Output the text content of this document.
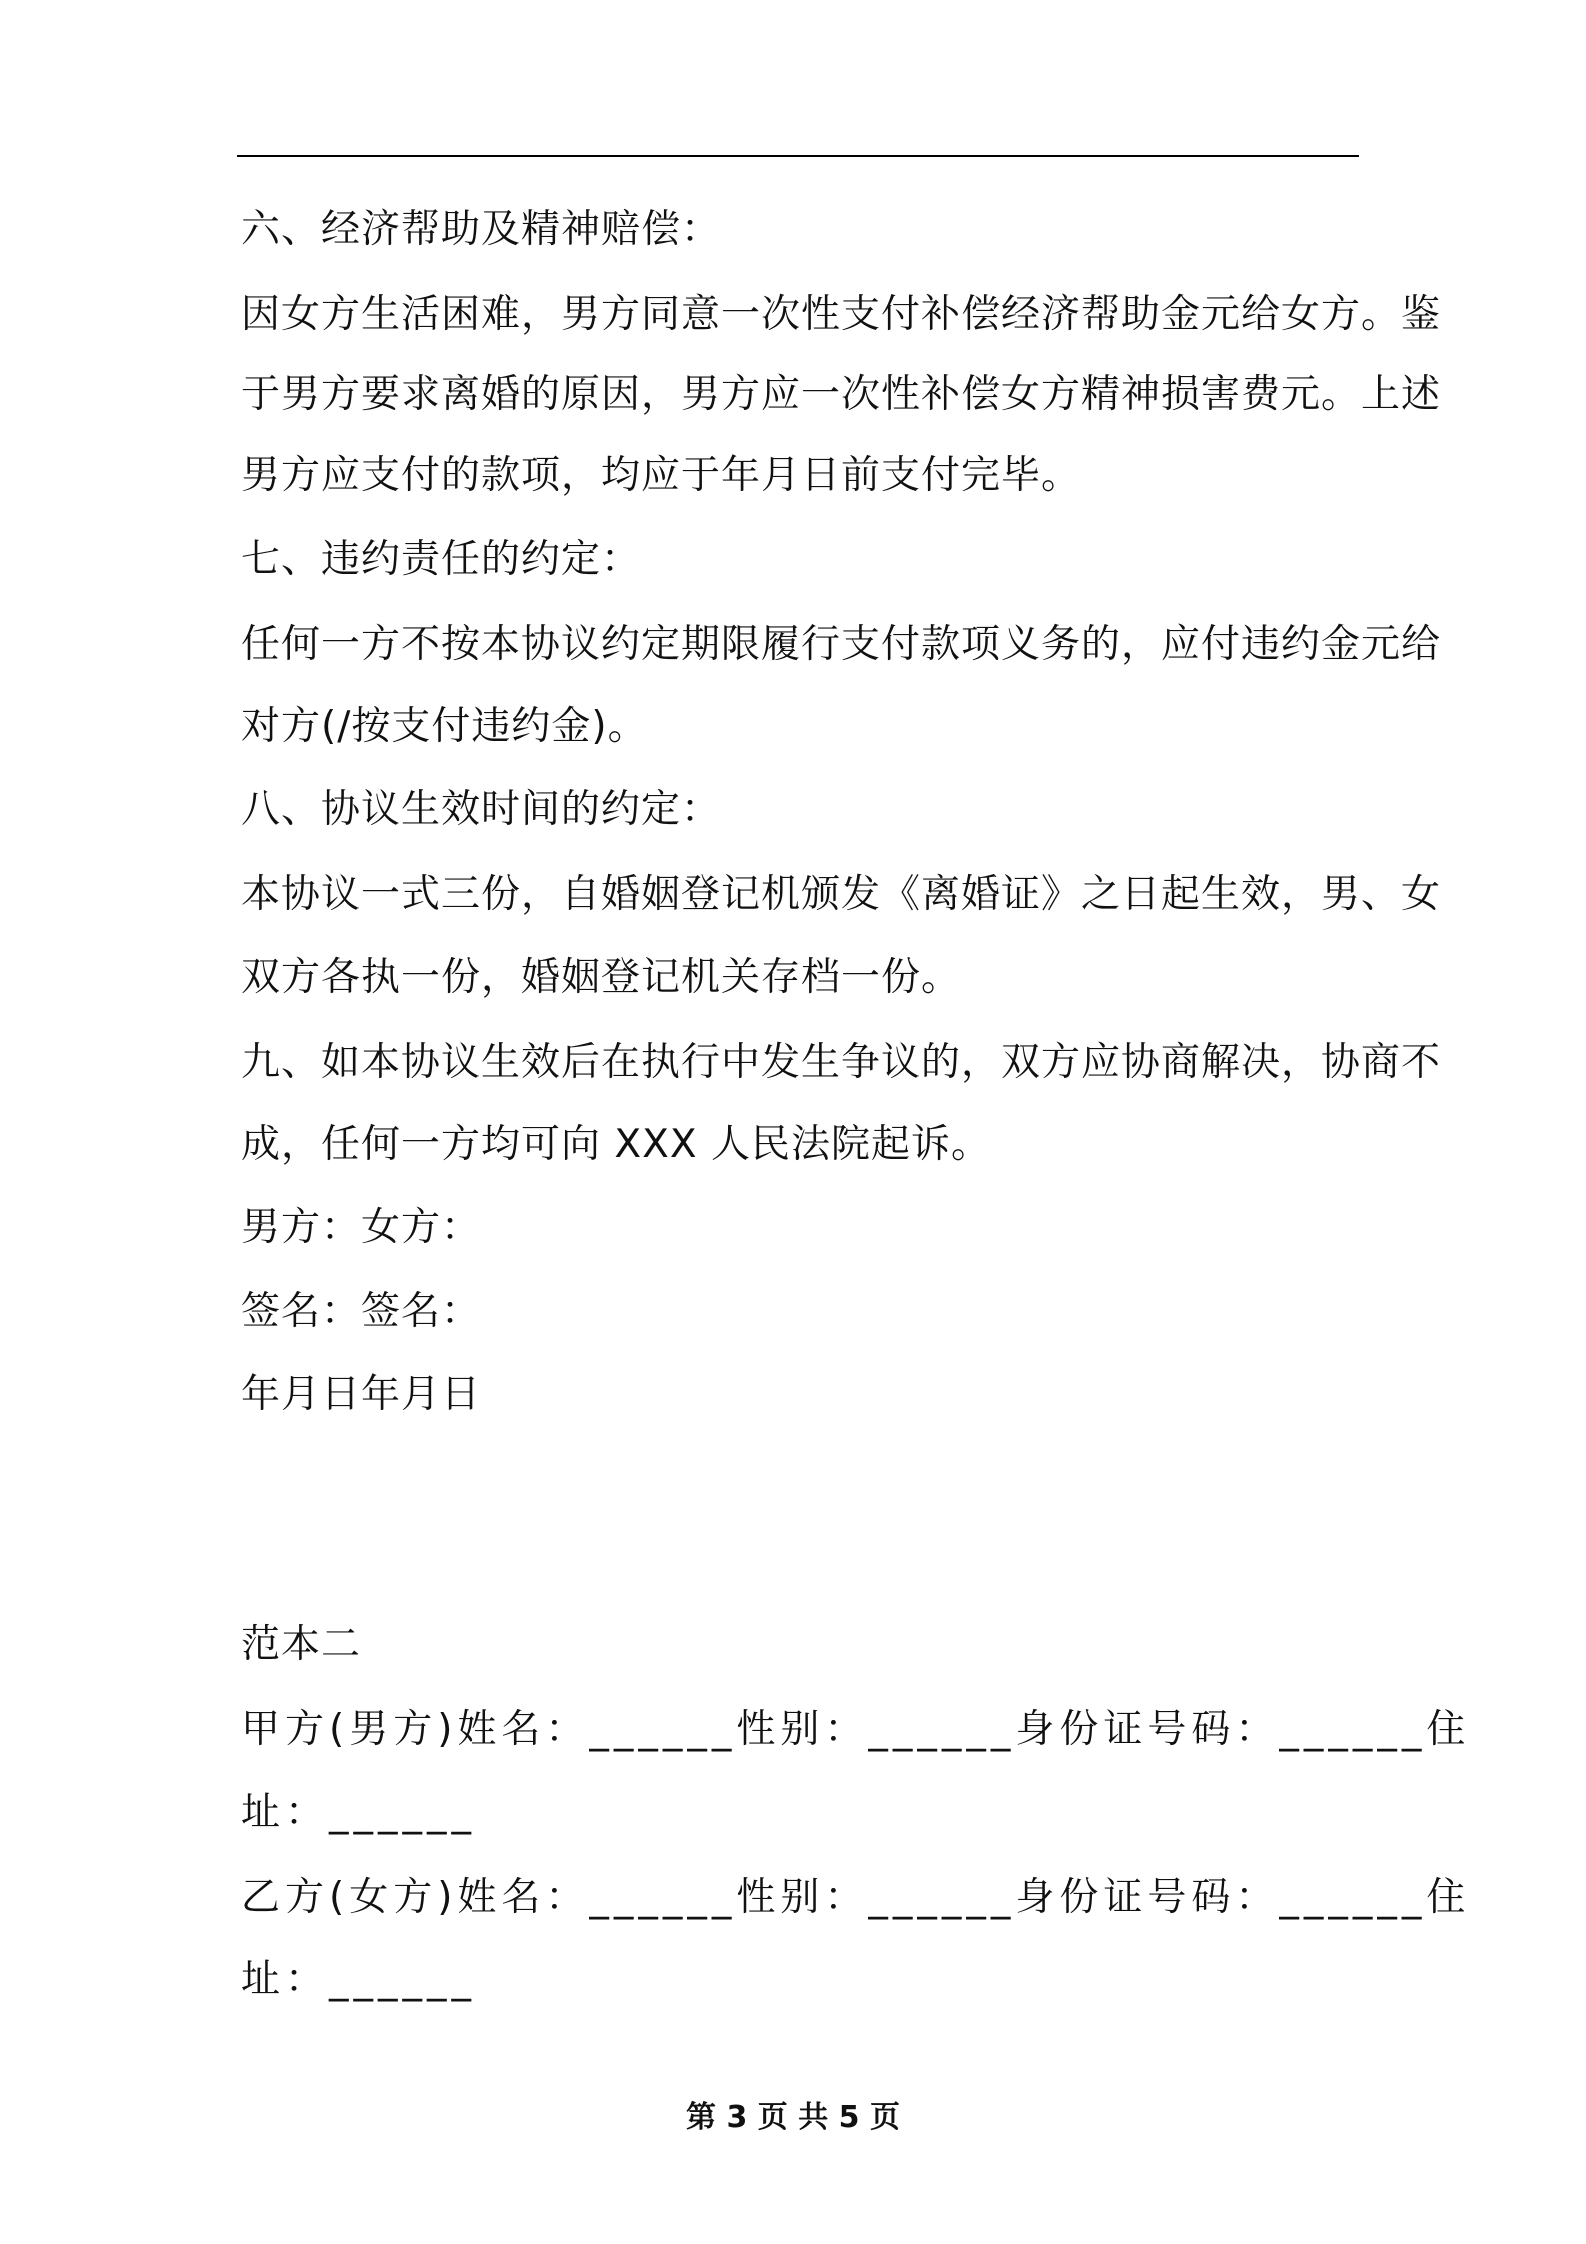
六、经济帮助及精神赔偿：
因女方生活困难，男方同意一次性支付补偿经济帮助金元给女方。鉴
于男方要求离婚的原因，男方应一次性补偿女方精神损害费元。上述
男方应支付的款项，均应于年月日前支付完毕。
七、违约责任的约定：
任何一方不按本协议约定期限履行支付款项义务的，应付违约金元给
对方(/按支付违约金)。
八、协议生效时间的约定：
本协议一式三份，自婚姻登记机颁发《离婚证》之日起生效，男、女
双方各执一份，婚姻登记机关存档一份。
九、如本协议生效后在执行中发生争议的，双方应协商解决，协商不
成，任何一方均可向 XXX 人民法院起诉。
男方：女方：
签名：签名：
年月日年月日
范本二
甲方(男方)姓名：______性别：______身份证号码：______住
址：______
乙方(女方)姓名：______性别：______身份证号码：______住
址：______
第 3 页 共 5 页
